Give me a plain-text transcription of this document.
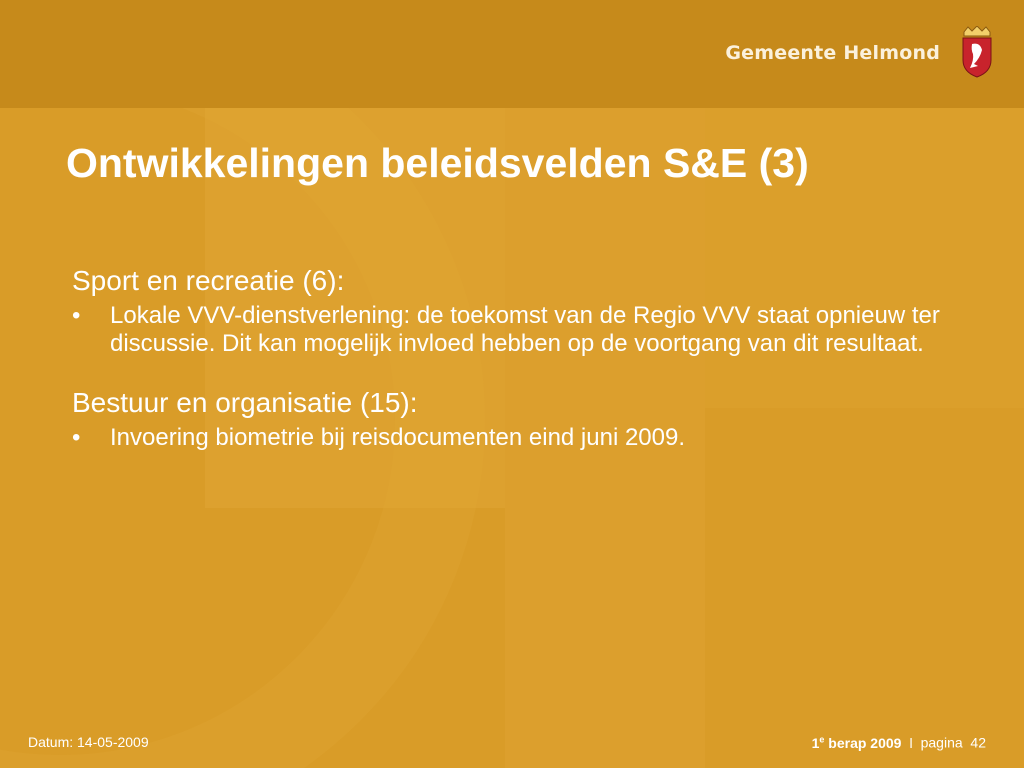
Gemeente Helmond
Ontwikkelingen beleidsvelden S&E (3)

Sport en recreatie (6):

•	Lokale VVV-dienstverlening: de toekomst van de Regio VVV staat opnieuw ter discussie. Dit kan mogelijk invloed hebben op de voortgang van dit resultaat.

Bestuur en organisatie (15):

•	Invoering biometrie bij reisdocumenten eind juni 2009.
Datum: 14-05-2009	1e berap 2009 l pagina 42
